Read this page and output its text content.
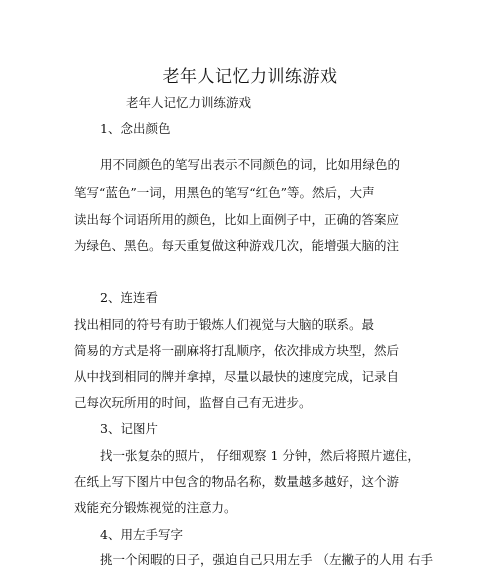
老年人记忆力训练游戏
老年人记忆力训练游戏
1、念出颜色
用不同颜色的笔写出表示不同颜色的词，比如用绿色的
笔写“蓝色”一词，用黑色的笔写“红色”等。然后，大声
读出每个词语所用的颜色，比如上面例子中，正确的答案应
为绿色、黑色。每天重复做这种游戏几次，能增强大脑的注
2、连连看
找出相同的符号有助于锻炼人们视觉与大脑的联系。最
简易的方式是将一副麻将打乱顺序，依次排成方块型，然后
从中找到相同的牌并拿掉，尽量以最快的速度完成，记录自
己每次玩所用的时间，监督自己有无进步。
3、记图片
找一张复杂的照片， 仔细观察 1 分钟，然后将照片遮住，
在纸上写下图片中包含的物品名称，数量越多越好，这个游
戏能充分锻炼视觉的注意力。
4、用左手写字
挑一个闲暇的日子，强迫自己只用左手 （左撇子的人用 右手
